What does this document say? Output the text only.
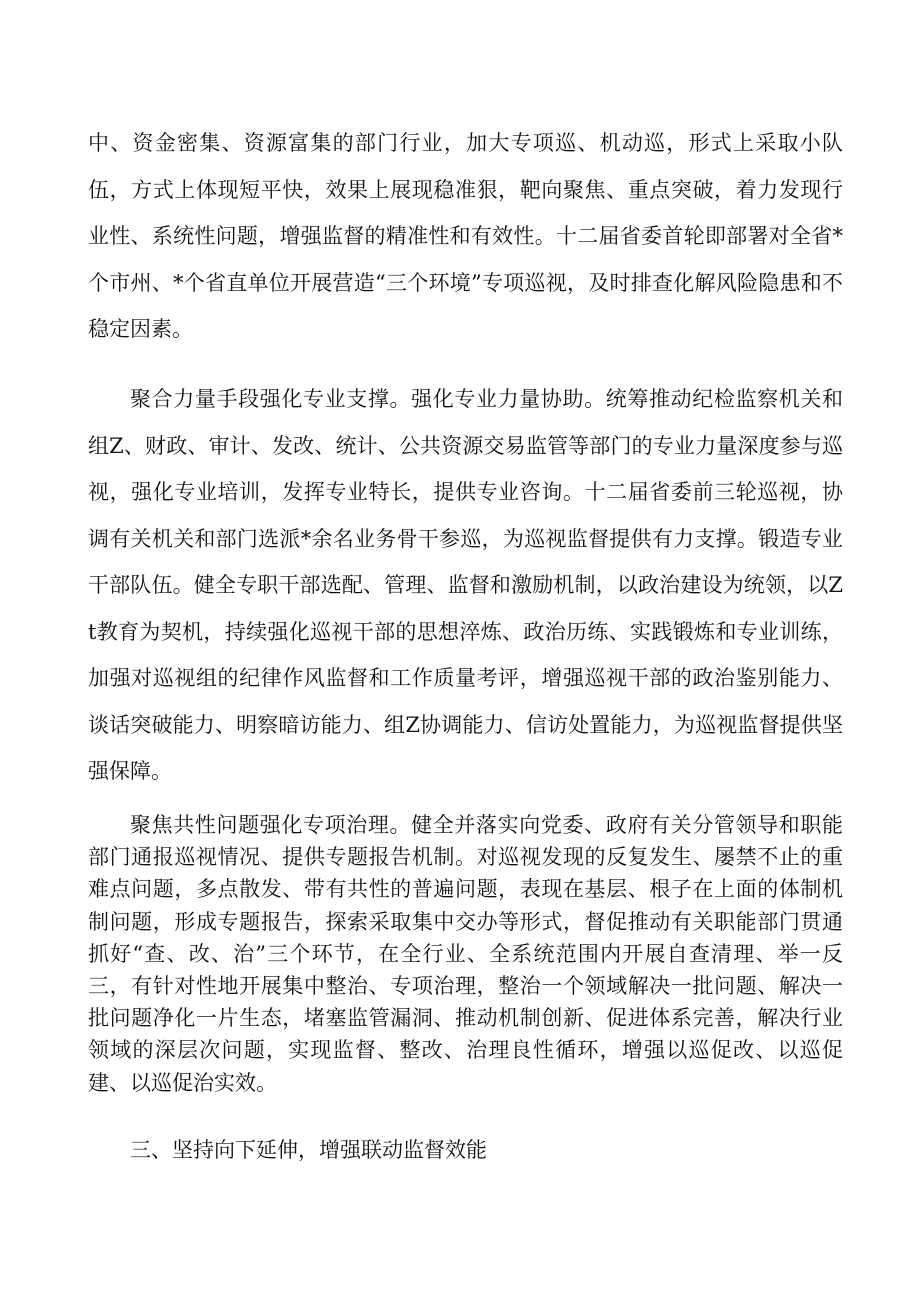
中、资金密集、资源富集的部门行业，加大专项巡、机动巡，形式上采取小队伍，方式上体现短平快，效果上展现稳准狠，靶向聚焦、重点突破，着力发现行业性、系统性问题，增强监督的精准性和有效性。十二届省委首轮即部署对全省*个市州、*个省直单位开展营造“三个环境”专项巡视，及时排查化解风险隐患和不稳定因素。

聚合力量手段强化专业支撑。强化专业力量协助。统筹推动纪检监察机关和组Z、财政、审计、发改、统计、公共资源交易监管等部门的专业力量深度参与巡视，强化专业培训，发挥专业特长，提供专业咨询。十二届省委前三轮巡视，协调有关机关和部门选派*余名业务骨干参巡，为巡视监督提供有力支撑。锻造专业干部队伍。健全专职干部选配、管理、监督和激励机制，以政治建设为统领，以Zt教育为契机，持续强化巡视干部的思想淬炼、政治历练、实践锻炼和专业训练，加强对巡视组的纪律作风监督和工作质量考评，增强巡视干部的政治鉴别能力、谈话突破能力、明察暗访能力、组Z协调能力、信访处置能力，为巡视监督提供坚强保障。

聚焦共性问题强化专项治理。健全并落实向党委、政府有关分管领导和职能部门通报巡视情况、提供专题报告机制。对巡视发现的反复发生、屡禁不止的重难点问题，多点散发、带有共性的普遍问题，表现在基层、根子在上面的体制机制问题，形成专题报告，探索采取集中交办等形式，督促推动有关职能部门贯通抓好“查、改、治”三个环节，在全行业、全系统范围内开展自查清理、举一反三，有针对性地开展集中整治、专项治理，整治一个领域解决一批问题、解决一批问题净化一片生态，堵塞监管漏洞、推动机制创新、促进体系完善，解决行业领域的深层次问题，实现监督、整改、治理良性循环，增强以巡促改、以巡促建、以巡促治实效。

三、坚持向下延伸，增强联动监督效能
